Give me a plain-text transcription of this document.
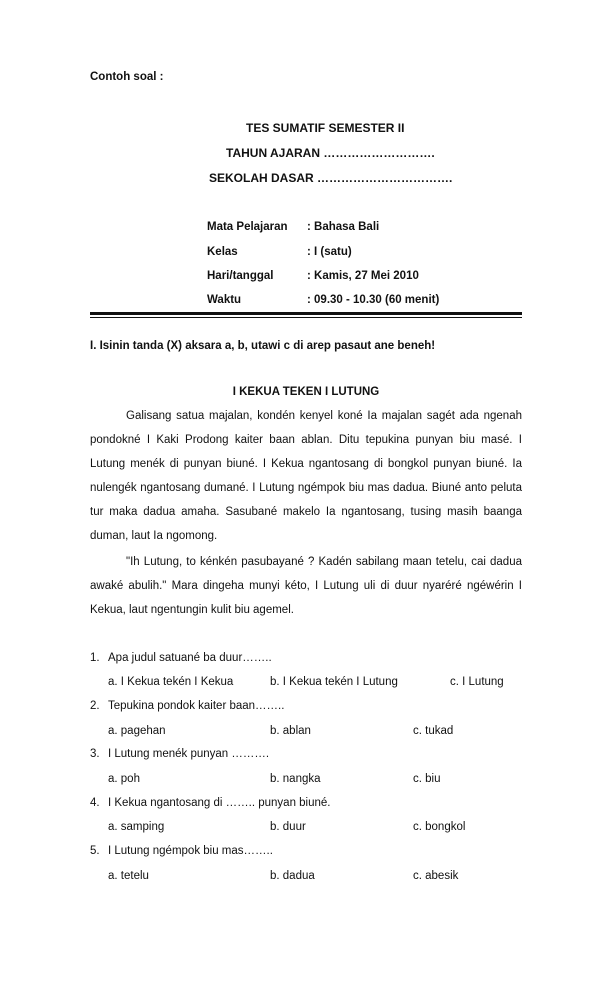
Contoh soal :
TES SUMATIF SEMESTER II
TAHUN AJARAN ……………………….
SEKOLAH DASAR …………………………….
Mata Pelajaran : Bahasa Bali
Kelas	: I (satu)
Hari/tanggal	: Kamis, 27 Mei 2010
Waktu	: 09.30 - 10.30 (60 menit)
I. Isinin tanda (X) aksara a, b, utawi c di arep pasaut ane beneh!
I KEKUA TEKEN I LUTUNG
Galisang satua majalan, kondén kenyel koné Ia majalan sagét ada ngenah
pondokné I Kaki Prodong kaiter baan ablan. Ditu tepukina punyan biu masé. I
Lutung menék di punyan biuné. I Kekua ngantosang di bongkol punyan biuné. Ia
nulengék ngantosang dumané. I Lutung ngémpok biu mas dadua. Biuné anto peluta
tur maka dadua amaha. Sasubané makelo Ia ngantosang, tusing masih baanga
duman, laut Ia ngomong.
"Ih Lutung, to kénkén pasubayané ? Kadén sabilang maan tetelu, cai dadua
awaké abulih." Mara dingeha munyi kéto, I Lutung uli di duur nyaréré ngéwérin I
Kekua, laut ngentungin kulit biu agemel.
1. Apa judul satuané ba duur……..
a. I Kekua tekén I Kekua	b. I Kekua tekén I Lutung	c. I Lutung
2. Tepukina pondok kaiter baan……..
a. pagehan	b. ablan	c. tukad
3. I Lutung menék punyan ……….
a. poh	b. nangka	c. biu
4. I Kekua ngantosang di …….. punyan biuné.
a. samping	b. duur	c. bongkol
5. I Lutung ngémpok biu mas……..
a. tetelu	b. dadua	c. abesik
